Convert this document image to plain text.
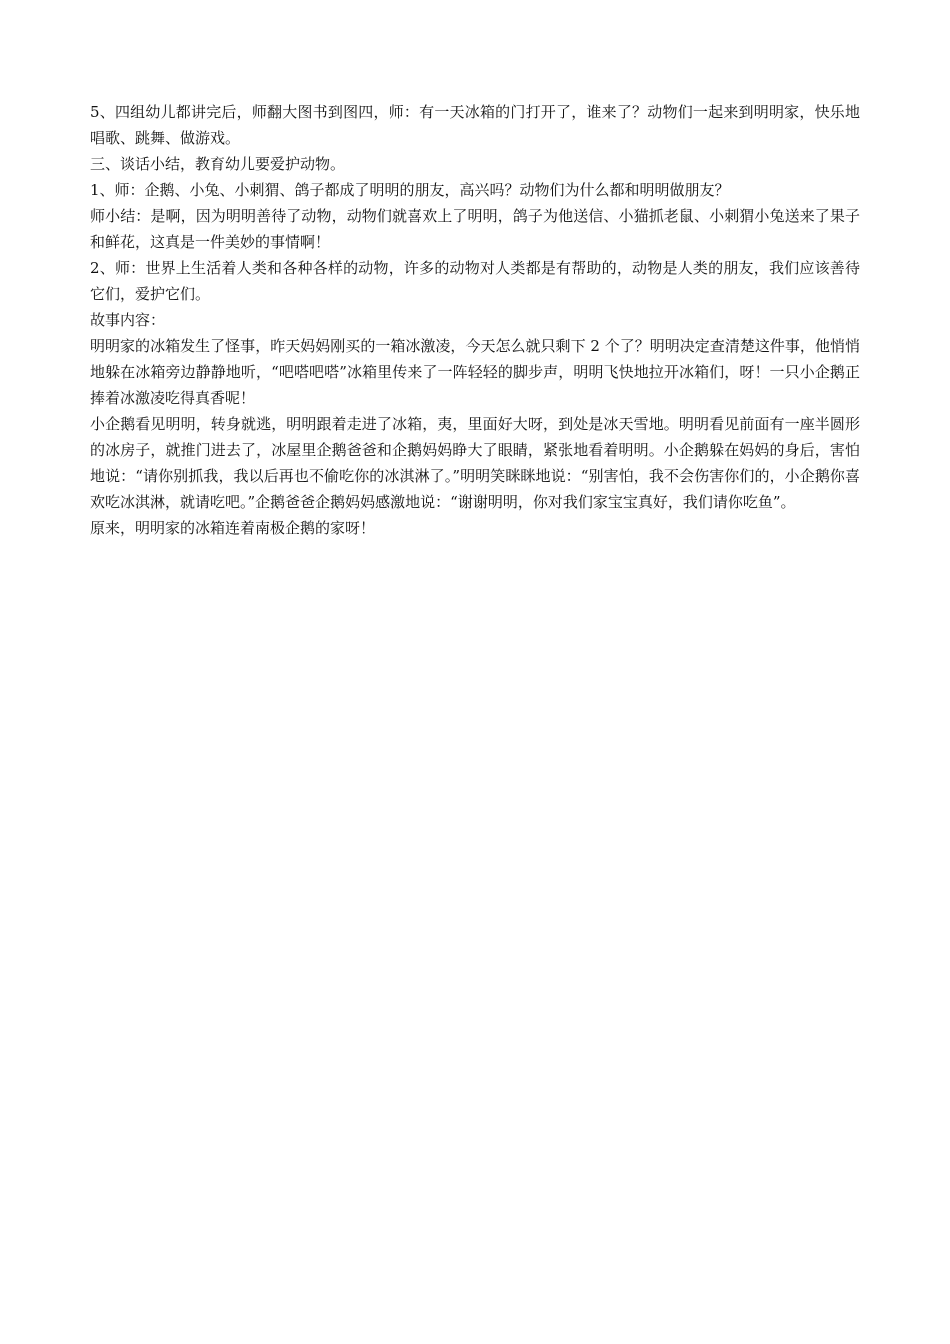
5、四组幼儿都讲完后，师翻大图书到图四，师：有一天冰箱的门打开了，谁来了？动物们一起来到明明家，快乐地唱歌、跳舞、做游戏。

三、谈话小结，教育幼儿要爱护动物。

1、师：企鹅、小兔、小刺猬、鸽子都成了明明的朋友，高兴吗？动物们为什么都和明明做朋友？

师小结：是啊，因为明明善待了动物，动物们就喜欢上了明明，鸽子为他送信、小猫抓老鼠、小刺猬小兔送来了果子和鲜花，这真是一件美妙的事情啊！

2、师：世界上生活着人类和各种各样的动物，许多的动物对人类都是有帮助的，动物是人类的朋友，我们应该善待它们，爱护它们。

故事内容：

明明家的冰箱发生了怪事，昨天妈妈刚买的一箱冰激凌，今天怎么就只剩下 2 个了？明明决定查清楚这件事，他悄悄地躲在冰箱旁边静静地听，“吧嗒吧嗒”冰箱里传来了一阵轻轻的脚步声，明明飞快地拉开冰箱们，呀！一只小企鹅正捧着冰激凌吃得真香呢！

小企鹅看见明明，转身就逃，明明跟着走进了冰箱，夷，里面好大呀，到处是冰天雪地。明明看见前面有一座半圆形的冰房子，就推门进去了，冰屋里企鹅爸爸和企鹅妈妈睁大了眼睛，紧张地看着明明。小企鹅躲在妈妈的身后，害怕地说：“请你别抓我，我以后再也不偷吃你的冰淇淋了。”明明笑眯眯地说：“别害怕，我不会伤害你们的，小企鹅你喜欢吃冰淇淋，就请吃吧。”企鹅爸爸企鹅妈妈感激地说：“谢谢明明，你对我们家宝宝真好，我们请你吃鱼”。

原来，明明家的冰箱连着南极企鹅的家呀！
